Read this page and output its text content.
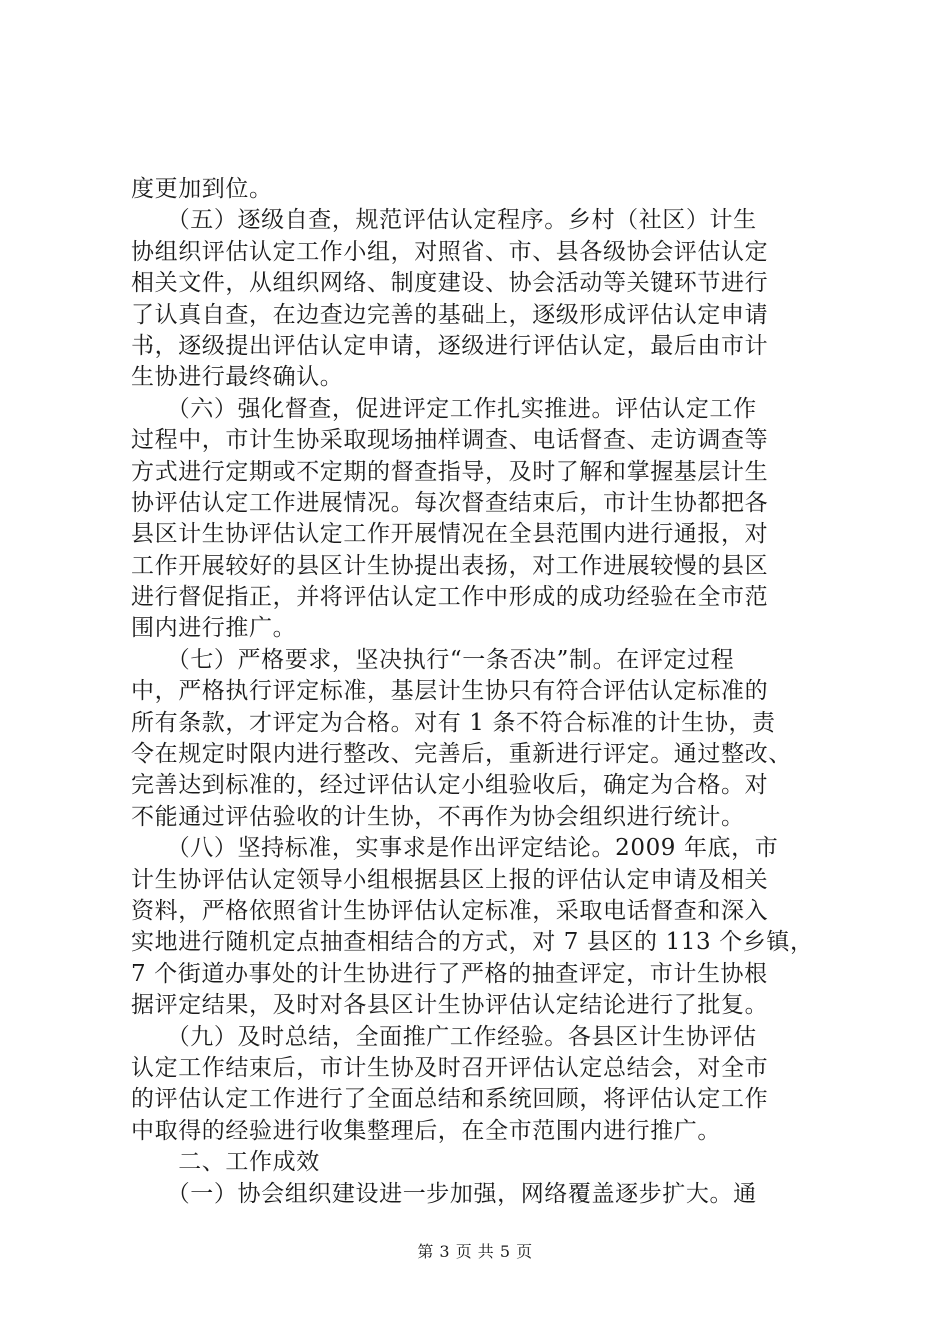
度更加到位。
　　（五）逐级自查，规范评估认定程序。乡村（社区）计生
协组织评估认定工作小组，对照省、市、县各级协会评估认定
相关文件，从组织网络、制度建设、协会活动等关键环节进行
了认真自查，在边查边完善的基础上，逐级形成评估认定申请
书，逐级提出评估认定申请，逐级进行评估认定，最后由市计
生协进行最终确认。
　　（六）强化督查，促进评定工作扎实推进。评估认定工作
过程中，市计生协采取现场抽样调查、电话督查、走访调查等
方式进行定期或不定期的督查指导，及时了解和掌握基层计生
协评估认定工作进展情况。每次督查结束后，市计生协都把各
县区计生协评估认定工作开展情况在全县范围内进行通报，对
工作开展较好的县区计生协提出表扬，对工作进展较慢的县区
进行督促指正，并将评估认定工作中形成的成功经验在全市范
围内进行推广。
　　（七）严格要求，坚决执行“一条否决”制。在评定过程
中，严格执行评定标准，基层计生协只有符合评估认定标准的
所有条款，才评定为合格。对有 1 条不符合标准的计生协，责
令在规定时限内进行整改、完善后，重新进行评定。通过整改、
完善达到标准的，经过评估认定小组验收后，确定为合格。对
不能通过评估验收的计生协，不再作为协会组织进行统计。
　　（八）坚持标准，实事求是作出评定结论。2009 年底，市
计生协评估认定领导小组根据县区上报的评估认定申请及相关
资料，严格依照省计生协评估认定标准，采取电话督查和深入
实地进行随机定点抽查相结合的方式，对 7 县区的 113 个乡镇，
7 个街道办事处的计生协进行了严格的抽查评定，市计生协根
据评定结果，及时对各县区计生协评估认定结论进行了批复。
　　（九）及时总结，全面推广工作经验。各县区计生协评估
认定工作结束后，市计生协及时召开评估认定总结会，对全市
的评估认定工作进行了全面总结和系统回顾，将评估认定工作
中取得的经验进行收集整理后，在全市范围内进行推广。
　　二、工作成效
　　（一）协会组织建设进一步加强，网络覆盖逐步扩大。通
第 3 页 共 5 页
